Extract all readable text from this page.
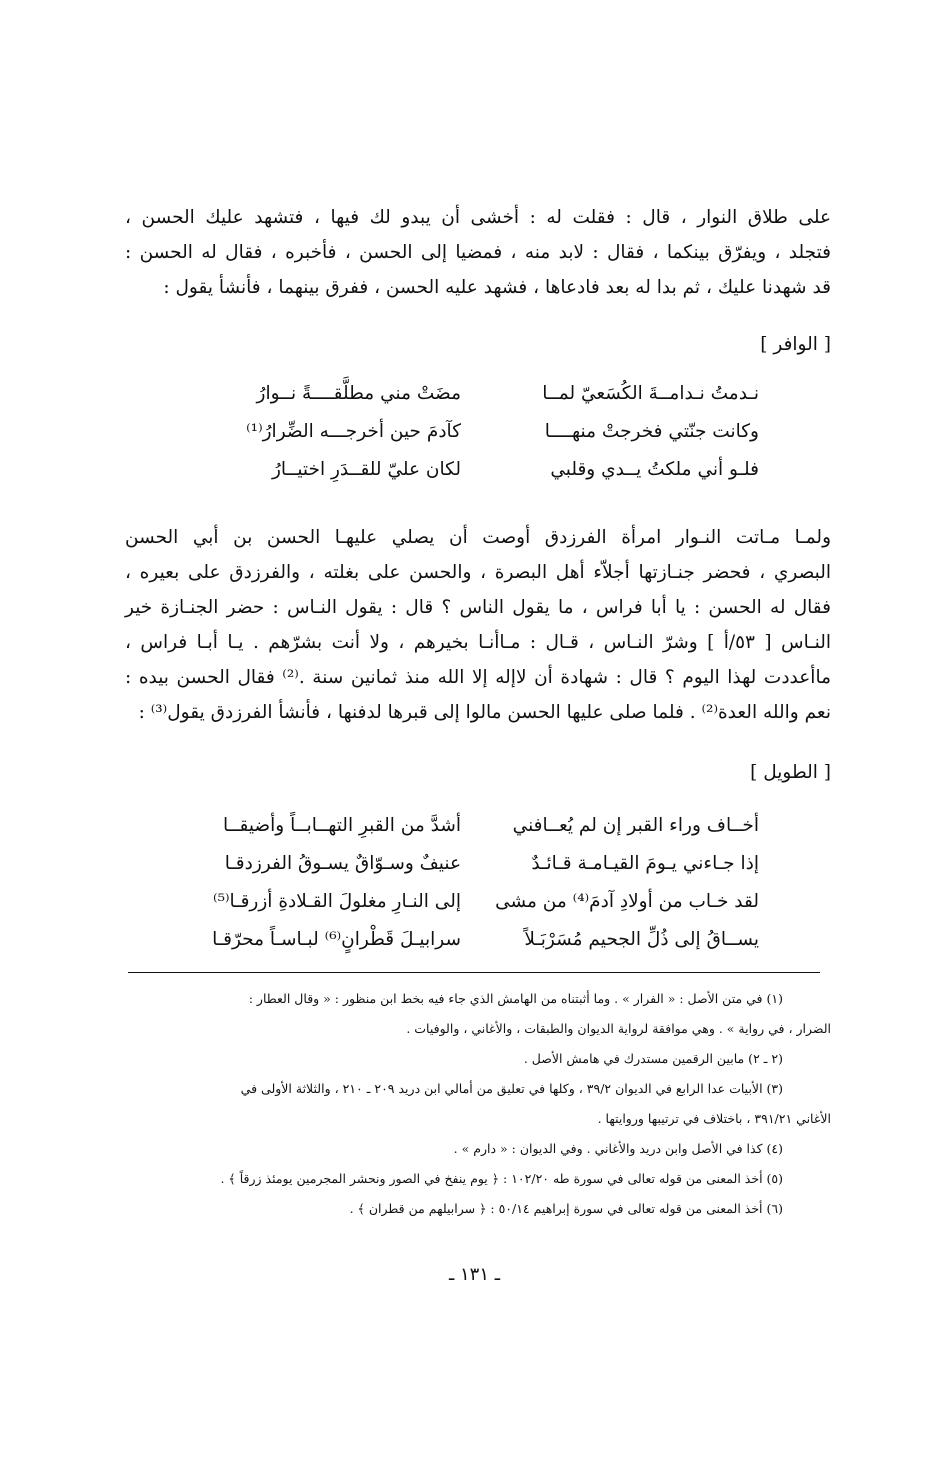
على طلاق النوار ، قال : فقلت له : أخشى أن يبدو لك فيها ، فتشهد عليك الحسن ،

فتجلد ، ويفرّق بينكما ، فقال : لابد منه ، فمضيا إلى الحسن ، فأخبره ، فقال له الحسن :

قد شهدنا عليك ، ثم بدا له بعد فادعاها ، فشهد عليه الحسن ، ففرق بينهما ، فأنشأ يقول :

[ الوافر ]
نـدمتُ نـدامــةَ الكُسَعيّ لمــا
وكانت جنّتي فخرجتْ منهــــا
فلـو أني ملكتُ يــدي وقلبي
مضَتْ مني مطلَّقــــةً نــوارُ
كآدمَ حين أخرجـــه الضِّرارُ⁽¹⁾
لكان عليّ للقــدَرِ اختيــارُ

ولمـا مـاتت النـوار امرأة الفرزدق أوصت أن يصلي عليهـا الحسن بن أبي الحسن

البصري ، فحضر جنـازتها أجلاّء أهل البصرة ، والحسن على بغلته ، والفرزدق على بعيره ،

فقال له الحسن : يا أبا فراس ، ما يقول الناس ؟ قال : يقول النـاس : حضر الجنـازة خير

النـاس [ ٥٣/أ ] وشرّ النـاس ، قـال : مـاأنـا بخيرهم ، ولا أنت بشرّهم . يـا أبـا فراس ،

ماأعددت لهذا اليوم ؟ قال : شهادة أن لاإله إلا الله منذ ثمانين سنة .⁽²⁾ فقال الحسن بيده :

نعم والله العدة⁽²⁾ . فلما صلى عليها الحسن مالوا إلى قبرها لدفنها ، فأنشأ الفرزدق يقول⁽³⁾ :

[ الطويل ]
أخــاف وراء القبر إن لم يُعــافني
إذا جـاءني يـومَ القيـامـة قـائـدٌ
لقد خـاب من أولادِ آدمَ⁽⁴⁾ من مشى
يســاقُ إلى ذُلِّ الجحيم مُسَرْبَـلاً
أشدَّ من القبرِ التهــابــاً وأضيقــا
عنيفٌ وسـوّاقٌ يسـوقُ الفرزدقـا
إلى النـارِ مغلولَ القـلادةِ أزرقـا⁽⁵⁾
سرابيـلَ قَطْرانٍ⁽⁶⁾ لبـاسـاً محرّقـا
(١) في متن الأصل : « الفرار » . وما أثبتناه من الهامش الذي جاء فيه بخط ابن منظور : « وقال العطار :
الضرار ، في رواية » . وهي موافقة لرواية الديوان والطبقات ، والأغاني ، والوفيات .
(٢ ـ ٢) مابين الرقمين مستدرك في هامش الأصل .
(٣) الأبيات عدا الرابع في الديوان ٣٩/٢ ، وكلها في تعليق من أمالي ابن دريد ٢٠٩ ـ ٢١٠ ، والثلاثة الأولى في
الأغاني ٣٩١/٢١ ، باختلاف في ترتيبها وروايتها .
(٤) كذا في الأصل وابن دريد والأغاني . وفي الديوان : « دارم » .
(٥) أخذ المعنى من قوله تعالى في سورة طه ١٠٢/٢٠ : ﴿ يوم ينفخ في الصور ونحشر المجرمين يومئذ زرقاً ﴾ .
(٦) أخذ المعنى من قوله تعالى في سورة إبراهيم ٥٠/١٤ : ﴿ سرابيلهم من قطران ﴾ .
ـ ١٣١ ـ
